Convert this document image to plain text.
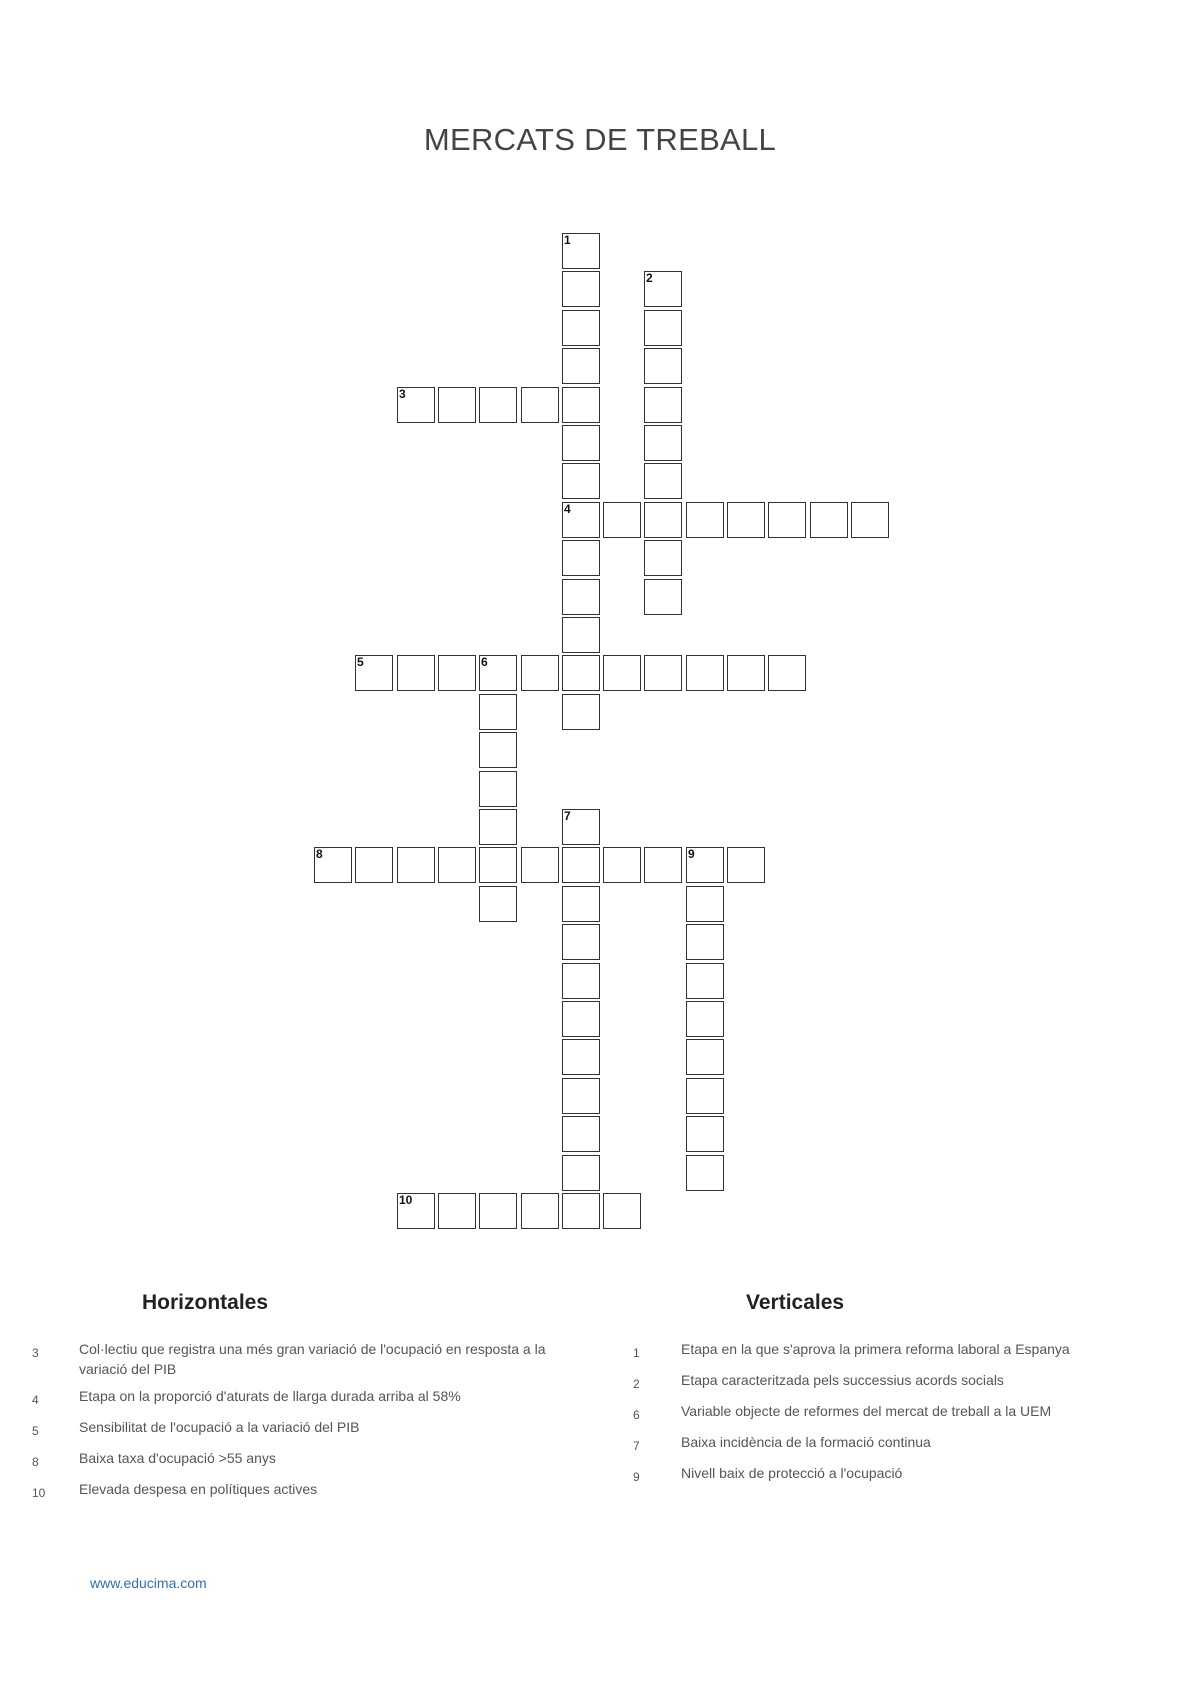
MERCATS DE TREBALL
1
4
2
3
5	6
7
8	9
10
Horizontales	Verticales
3	Col·lectiu que registra una més gran variació de l'ocupació en resposta a la variació del PIB
4	Etapa on la proporció d'aturats de llarga durada arriba al 58%
5	Sensibilitat de l'ocupació a la variació del PIB
8	Baixa taxa d'ocupació >55 anys
10 Elevada despesa en polítiques actives
1	Etapa en la que s'aprova la primera reforma laboral a Espanya
2	Etapa caracteritzada pels successius acords socials
6	Variable objecte de reformes del mercat de treball a la UEM
7	Baixa incidència de la formació continua
9	Nivell baix de protecció a l'ocupació
www.educima.com
